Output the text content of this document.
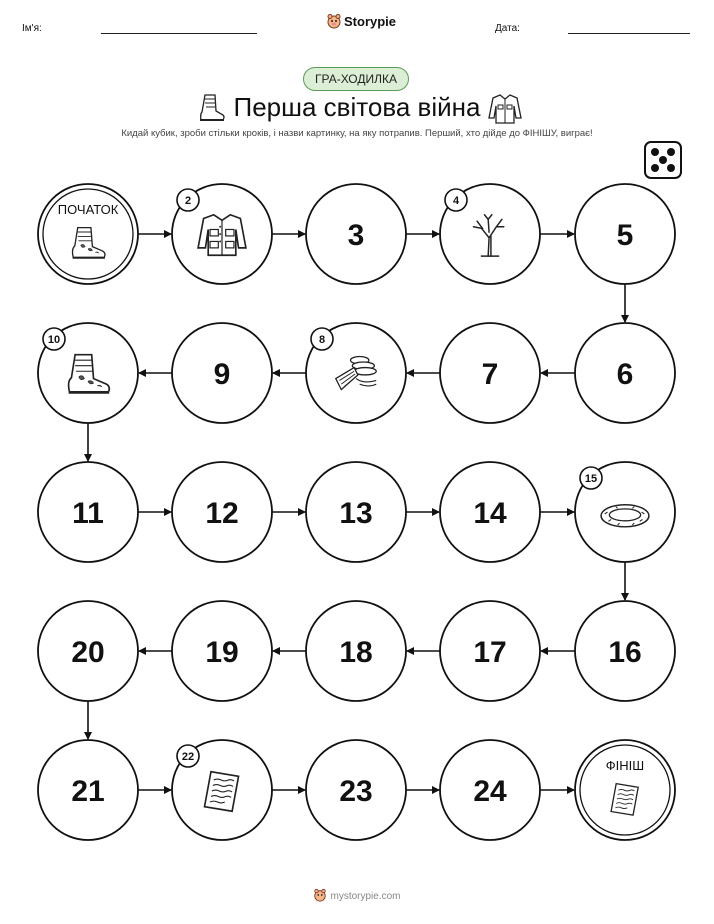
Ім'я:	Storypie	Дата:
ГРА-ХОДИЛКА
Перша світова війна
Кидай кубик, зроби стільки кроків, і назви картинку, на яку потрапив. Перший, хто дійде до ФІНІШУ, виграє!
ПОЧАТОК
2
3
4
5
6
7
8
9
10
11	12	13	14
15
16
17
18
19
20
21
22
23	24
ФІНІШ
mystorypie.com
